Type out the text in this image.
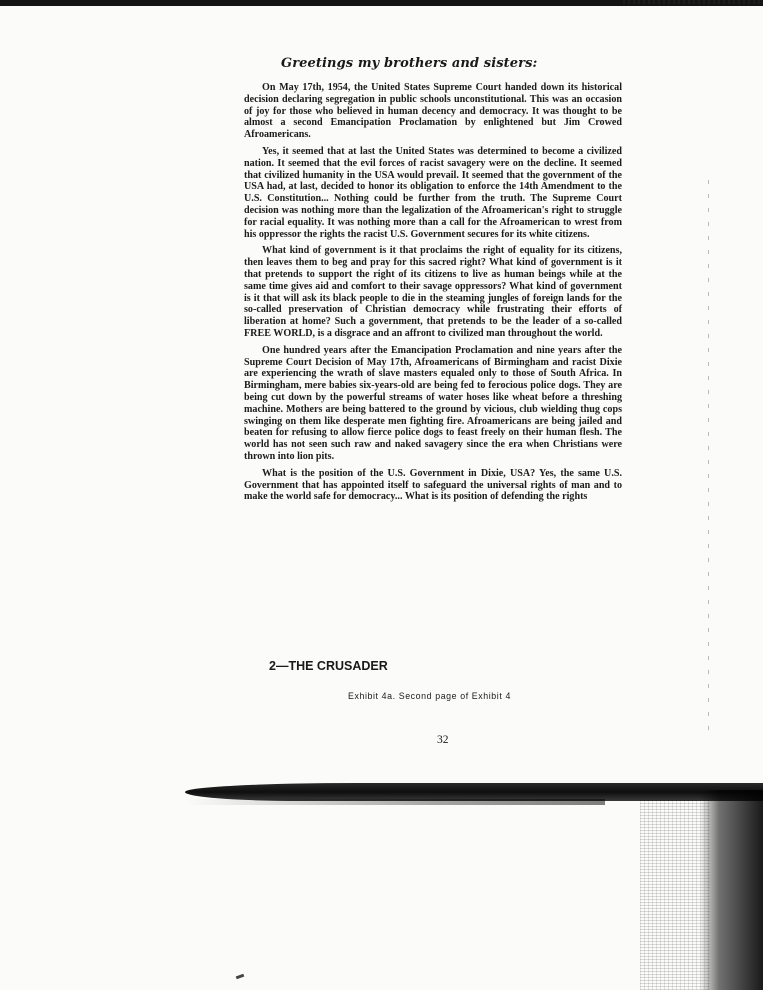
Greetings my brothers and sisters:

On May 17th, 1954, the United States Supreme Court handed down its historical decision declaring segregation in public schools unconstitutional. This was an occasion of joy for those who believed in human decency and democracy. It was thought to be almost a second Emancipation Proclamation by enlightened but Jim Crowed Afroamericans.

Yes, it seemed that at last the United States was determined to become a civilized nation. It seemed that the evil forces of racist savagery were on the decline. It seemed that civilized humanity in the USA would prevail. It seemed that the government of the USA had, at last, decided to honor its obligation to enforce the 14th Amendment to the U.S. Constitution... Nothing could be further from the truth. The Supreme Court decision was nothing more than the legalization of the Afroamerican's right to struggle for racial equality. It was nothing more than a call for the Afroamerican to wrest from his oppressor the rights the racist U.S. Government secures for its white citizens.

What kind of government is it that proclaims the right of equality for its citizens, then leaves them to beg and pray for this sacred right? What kind of government is it that pretends to support the right of its citizens to live as human beings while at the same time gives aid and comfort to their savage oppressors? What kind of government is it that will ask its black people to die in the steaming jungles of foreign lands for the so-called preservation of Christian democracy while frustrating their efforts of liberation at home? Such a government, that pretends to be the leader of a so-called FREE WORLD, is a disgrace and an affront to civilized man throughout the world.

One hundred years after the Emancipation Proclamation and nine years after the Supreme Court Decision of May 17th, Afroamericans of Birmingham and racist Dixie are experiencing the wrath of slave masters equaled only to those of South Africa. In Birmingham, mere babies six-years-old are being fed to ferocious police dogs. They are being cut down by the powerful streams of water hoses like wheat before a threshing machine. Mothers are being battered to the ground by vicious, club wielding thug cops swinging on them like desperate men fighting fire. Afroamericans are being jailed and beaten for refusing to allow fierce police dogs to feast freely on their human flesh. The world has not seen such raw and naked savagery since the era when Christians were thrown into lion pits.

What is the position of the U.S. Government in Dixie, USA? Yes, the same U.S. Government that has appointed itself to safeguard the universal rights of man and to make the world safe for democracy... What is its position of defending the rights

2—THE CRUSADER
Exhibit 4a. Second page of Exhibit 4
32
